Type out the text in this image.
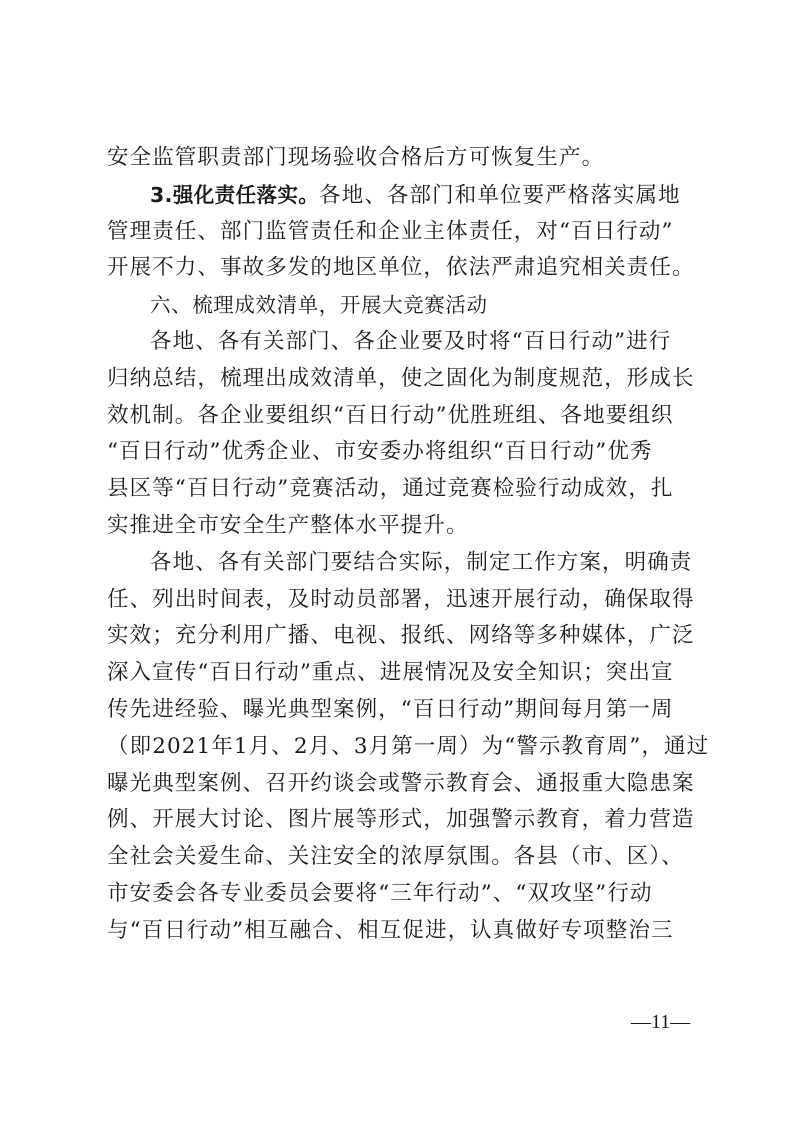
安全监管职责部门现场验收合格后方可恢复生产。
3.强化责任落实。各地、各部门和单位要严格落实属地
管理责任、部门监管责任和企业主体责任，对“百日行动”
开展不力、事故多发的地区单位，依法严肃追究相关责任。
六、梳理成效清单，开展大竞赛活动
各地、各有关部门、各企业要及时将“百日行动”进行
归纳总结，梳理出成效清单，使之固化为制度规范，形成长
效机制。各企业要组织“百日行动”优胜班组、各地要组织
“百日行动”优秀企业、市安委办将组织“百日行动”优秀
县区等“百日行动”竞赛活动，通过竞赛检验行动成效，扎
实推进全市安全生产整体水平提升。
各地、各有关部门要结合实际，制定工作方案，明确责
任、列出时间表，及时动员部署，迅速开展行动，确保取得
实效；充分利用广播、电视、报纸、网络等多种媒体，广泛
深入宣传“百日行动”重点、进展情况及安全知识；突出宣
传先进经验、曝光典型案例，“百日行动”期间每月第一周
（即2021年1月、2月、3月第一周）为“警示教育周”，通过
曝光典型案例、召开约谈会或警示教育会、通报重大隐患案
例、开展大讨论、图片展等形式，加强警示教育，着力营造
全社会关爱生命、关注安全的浓厚氛围。各县（市、区）、
市安委会各专业委员会要将“三年行动”、“双攻坚”行动
与“百日行动”相互融合、相互促进，认真做好专项整治三
—11—
